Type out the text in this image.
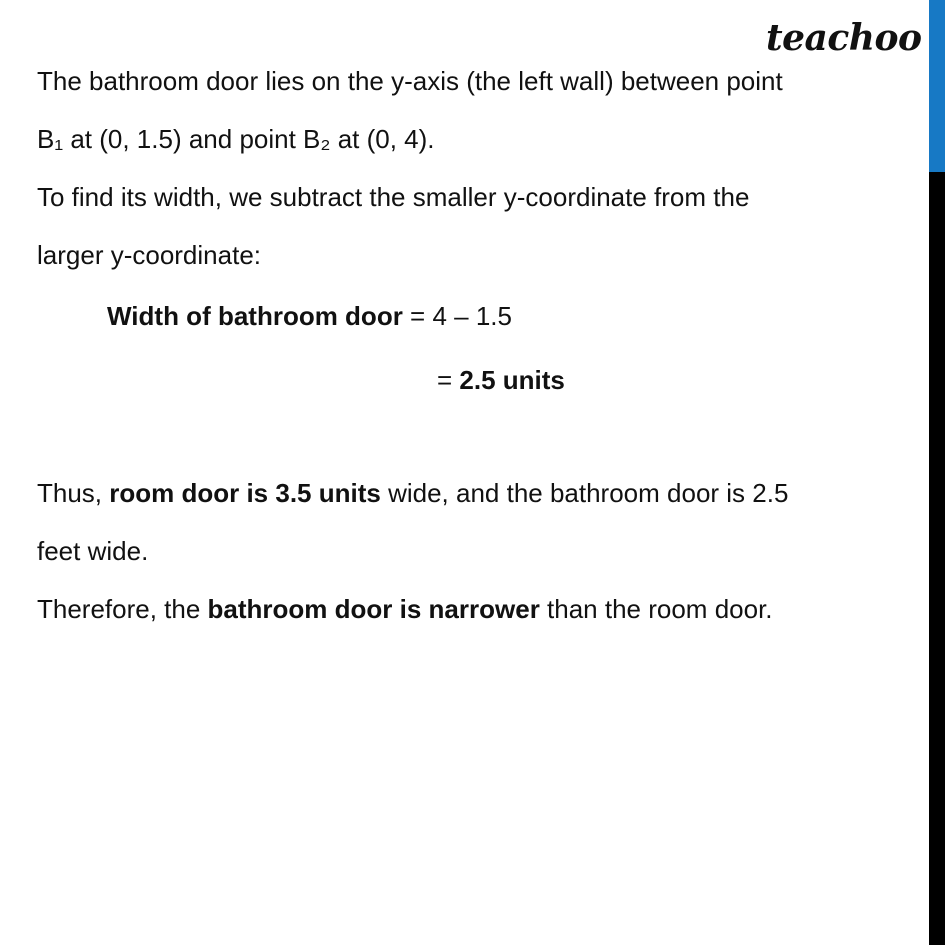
teachoo
The bathroom door lies on the y-axis (the left wall) between point
B₁ at (0, 1.5) and point B₂ at (0, 4).
To find its width, we subtract the smaller y-coordinate from the
larger y-coordinate:
Width of bathroom door = 4 – 1.5
= 2.5 units
Thus, room door is 3.5 units wide, and the bathroom door is 2.5
feet wide.
Therefore, the bathroom door is narrower than the room door.
